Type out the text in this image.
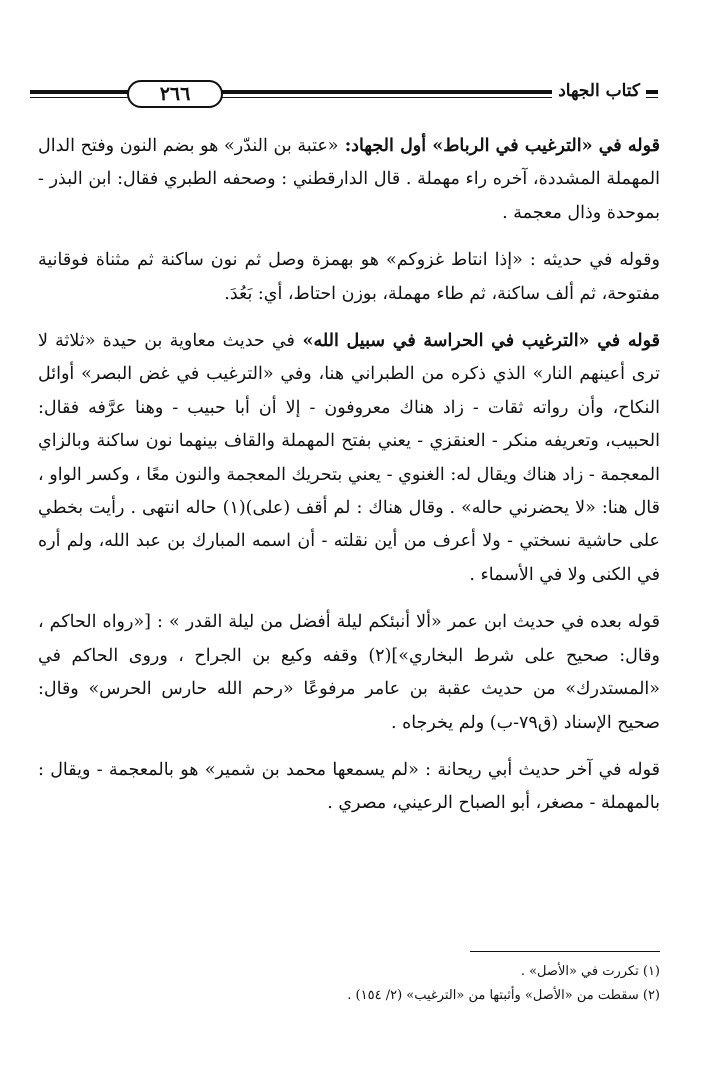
٢٦٦	كتاب الجهاد

قوله في «الترغيب في الرباط» أول الجهاد: «عتبة بن الندّر» هو بضم النون وفتح الدال المهملة المشددة، آخره راء مهملة . قال الدارقطني : وصحفه الطبري فقال: ابن البذر - بموحدة وذال معجمة .

وقوله في حديثه : «إذا انتاط غزوكم» هو بهمزة وصل ثم نون ساكنة ثم مثناة فوقانية مفتوحة، ثم ألف ساكنة، ثم طاء مهملة، بوزن احتاط، أي: بَعُدَ.

قوله في «الترغيب في الحراسة في سبيل الله» في حديث معاوية بن حيدة «ثلاثة لا ترى أعينهم النار» الذي ذكره من الطبراني هنا، وفي «الترغيب في غض البصر» أوائل النكاح، وأن رواته ثقات - زاد هناك معروفون - إلا أن أبا حبيب - وهنا عرَّفه فقال: الحبيب، وتعريفه منكر - العنقزي - يعني بفتح المهملة والقاف بينهما نون ساكنة وبالزاي المعجمة - زاد هناك ويقال له: الغنوي - يعني بتحريك المعجمة والنون معًا ، وكسر الواو ، قال هنا: «لا يحضرني حاله» . وقال هناك : لم أقف (على)(١) حاله انتهى . رأيت بخطي على حاشية نسختي - ولا أعرف من أين نقلته - أن اسمه المبارك بن عبد الله، ولم أره في الكنى ولا في الأسماء .

قوله بعده في حديث ابن عمر «ألا أنبئكم ليلة أفضل من ليلة القدر » : [«رواه الحاكم ، وقال: صحيح على شرط البخاري»](٢) وقفه وكيع بن الجراح ، وروى الحاكم في «المستدرك» من حديث عقبة بن عامر مرفوعًا «رحم الله حارس الحرس» وقال: صحيح الإسناد (ق٧٩-ب) ولم يخرجاه .

قوله في آخر حديث أبي ريحانة : «لم يسمعها محمد بن شمير» هو بالمعجمة - ويقال : بالمهملة - مصغر، أبو الصباح الرعيني، مصري .

(١) تكررت في «الأصل» .
(٢) سقطت من «الأصل» وأثبتها من «الترغيب» (٢/ ١٥٤) .
